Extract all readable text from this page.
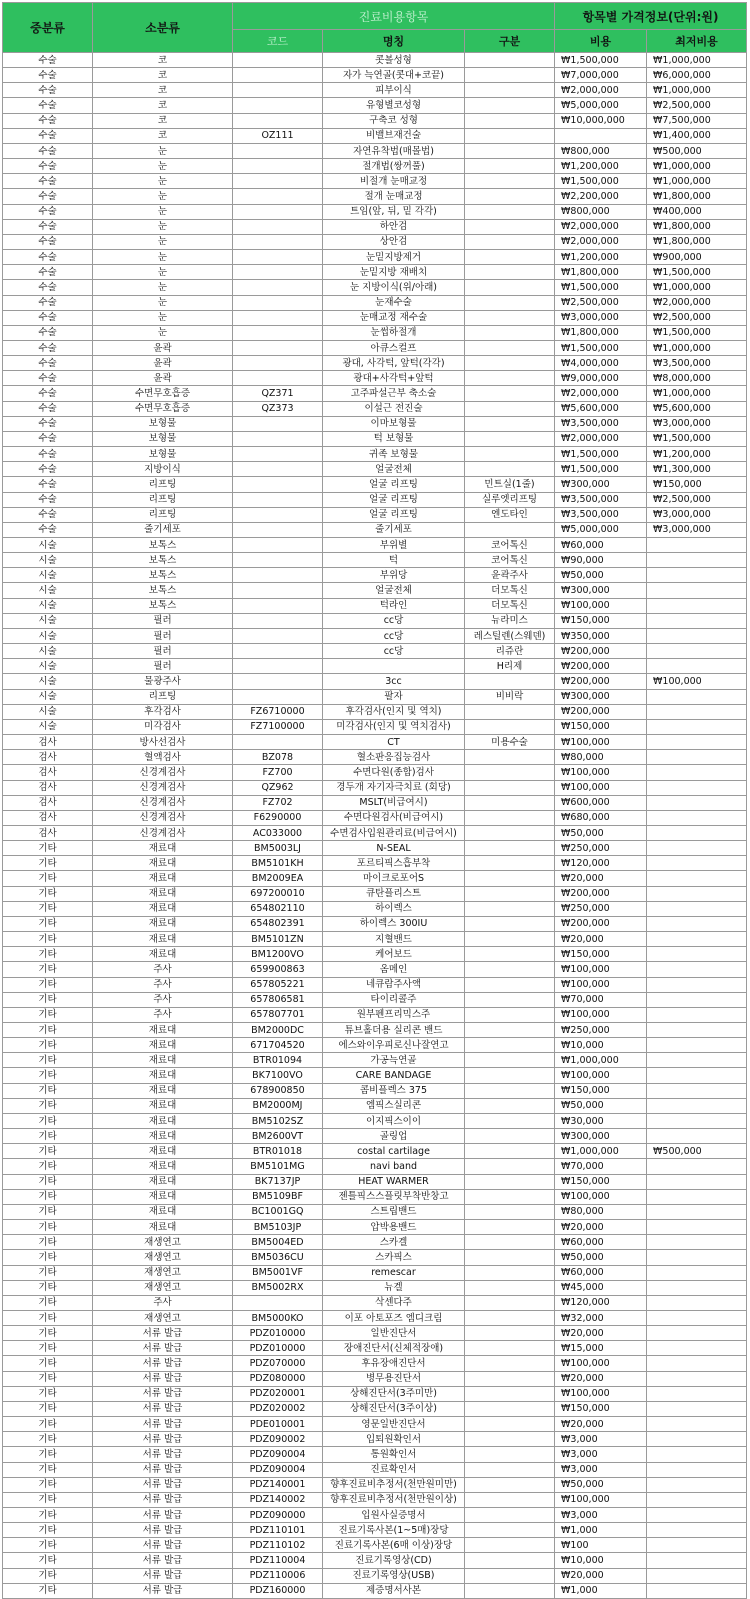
중분류	소분류	진료비용항목			항목별 가격정보(단위:원)	
		코드	명칭	구분	비용	최저비용
수술	코		콧볼성형		₩1,500,000	₩1,000,000
수술	코		자가 늑연골(콧대+코끝)		₩7,000,000	₩6,000,000
수술	코		피부이식		₩2,000,000	₩1,000,000
수술	코		유형별코성형		₩5,000,000	₩2,500,000
수술	코		구축코 성형		₩10,000,000	₩7,500,000
수술	코	OZ111	비밸브재건술			₩1,400,000
수술	눈		자연유착법(매몰법)		₩800,000	₩500,000
수술	눈		절개법(쌍꺼풀)		₩1,200,000	₩1,000,000
수술	눈		비절개 눈매교정		₩1,500,000	₩1,000,000
수술	눈		절개 눈매교정		₩2,200,000	₩1,800,000
수술	눈		트임(앞, 뒤, 밑 각각)		₩800,000	₩400,000
수술	눈		하안검		₩2,000,000	₩1,800,000
수술	눈		상안검		₩2,000,000	₩1,800,000
수술	눈		눈밑지방제거		₩1,200,000	₩900,000
수술	눈		눈밑지방 재배치		₩1,800,000	₩1,500,000
수술	눈		눈 지방이식(위/아래)		₩1,500,000	₩1,000,000
수술	눈		눈재수술		₩2,500,000	₩2,000,000
수술	눈		눈매교정 재수술		₩3,000,000	₩2,500,000
수술	눈		눈썹하절개		₩1,800,000	₩1,500,000
수술	윤곽		아큐스컬프		₩1,500,000	₩1,000,000
수술	윤곽		광대, 사각턱, 앞턱(각각)		₩4,000,000	₩3,500,000
수술	윤곽		광대+사각턱+앞턱		₩9,000,000	₩8,000,000
수술	수면무호흡증	QZ371	고주파설근부 축소술		₩2,000,000	₩1,000,000
수술	수면무호흡증	QZ373	이설근 전진술		₩5,600,000	₩5,600,000
수술	보형물		이마보형물		₩3,500,000	₩3,000,000
수술	보형물		턱 보형물		₩2,000,000	₩1,500,000
수술	보형물		귀족 보형물		₩1,500,000	₩1,200,000
수술	지방이식		얼굴전체		₩1,500,000	₩1,300,000
수술	리프팅		얼굴 리프팅	민트실(1줄)	₩300,000	₩150,000
수술	리프팅		얼굴 리프팅	실루엣리프팅	₩3,500,000	₩2,500,000
수술	리프팅		얼굴 리프팅	엔도타인	₩3,500,000	₩3,000,000
수술	줄기세포		줄기세포		₩5,000,000	₩3,000,000
시술	보톡스		부위별	코어톡신	₩60,000	
시술	보톡스		턱	코어톡신	₩90,000	
시술	보톡스		부위당	윤곽주사	₩50,000	
시술	보톡스		얼굴전체	더모톡신	₩300,000	
시술	보톡스		턱라인	더모톡신	₩100,000	
시술	필러		cc당	뉴라미스	₩150,000	
시술	필러		cc당	레스틸렌(스웨덴)	₩350,000	
시술	필러		cc당	리쥬란	₩200,000	
시술	필러			H리제	₩200,000	
시술	물광주사		3cc		₩200,000	₩100,000
시술	리프팅		팔자	비비락	₩300,000	
시술	후각검사	FZ6710000	후각검사(인지 및 역치)		₩200,000	
시술	미각검사	FZ7100000	미각검사(인지 및 역치검사)		₩150,000	
검사	방사선검사		CT	미용수술	₩100,000	
검사	혈액검사	BZ078	혈소판응집능검사		₩80,000	
검사	신경계검사	FZ700	수면다원(종합)검사		₩100,000	
검사	신경계검사	QZ962	경두개 자기자극치료 (회당)		₩100,000	
검사	신경계검사	FZ702	MSLT(비급여시)		₩600,000	
검사	신경계검사	F6290000	수면다원검사(비급여시)		₩680,000	
검사	신경계검사	AC033000	수면검사입원관리료(비급여시)		₩50,000	
기타	재료대	BM5003LJ	N-SEAL		₩250,000	
기타	재료대	BM5101KH	포르티픽스흡부착		₩120,000	
기타	재료대	BM2009EA	마이크로포어S		₩20,000	
기타	재료대	697200010	큐탄플리스트		₩200,000	
기타	재료대	654802110	하이렉스		₩250,000	
기타	재료대	654802391	하이렉스 300IU		₩200,000	
기타	재료대	BM5101ZN	지혈밴드		₩20,000	
기타	재료대	BM1200VO	케어보드		₩150,000	
기타	주사	659900863	옴메인		₩100,000	
기타	주사	657805221	네큐람주사액		₩100,000	
기타	주사	657806581	타이리콜주		₩70,000	
기타	주사	657807701	원부펜프리믹스주		₩100,000	
기타	재료대	BM2000DC	튜브홀더용 실리콘 밴드		₩250,000	
기타	재료대	671704520	에스와이우피로신나잘연고		₩10,000	
기타	재료대	BTR01094	가공늑연골		₩1,000,000	
기타	재료대	BK7100VO	CARE BANDAGE		₩100,000	
기타	재료대	678900850	콤비플렉스 375		₩150,000	
기타	재료대	BM2000MJ	엠픽스실리콘		₩50,000	
기타	재료대	BM5102SZ	이지픽스이이		₩30,000	
기타	재료대	BM2600VT	골링업		₩300,000	
기타	재료대	BTR01018	costal cartilage		₩1,000,000	₩500,000
기타	재료대	BM5101MG	navi band		₩70,000	
기타	재료대	BK7137JP	HEAT WARMER		₩150,000	
기타	재료대	BM5109BF	젠틀픽스스플릿부착반창고		₩100,000	
기타	재료대	BC1001GQ	스트립밴드		₩80,000	
기타	재료대	BM5103JP	압박용밴드		₩20,000	
기타	재생연고	BM5004ED	스카겔		₩60,000	
기타	재생연고	BM5036CU	스카픽스		₩50,000	
기타	재생연고	BM5001VF	remescar		₩60,000	
기타	재생연고	BM5002RX	뉴겔		₩45,000	
기타	주사		삭센다주		₩120,000	
기타	재생연고	BM5000KO	이포 아토포즈 엠디크림		₩32,000	
기타	서류 발급	PDZ010000	일반진단서		₩20,000	
기타	서류 발급	PDZ010000	장애진단서(신체적장애)		₩15,000	
기타	서류 발급	PDZ070000	후유장애진단서		₩100,000	
기타	서류 발급	PDZ080000	병무용진단서		₩20,000	
기타	서류 발급	PDZ020001	상해진단서(3주미만)		₩100,000	
기타	서류 발급	PDZ020002	상해진단서(3주이상)		₩150,000	
기타	서류 발급	PDE010001	영문일반진단서		₩20,000	
기타	서류 발급	PDZ090002	입퇴원확인서		₩3,000	
기타	서류 발급	PDZ090004	통원확인서		₩3,000	
기타	서류 발급	PDZ090004	진료확인서		₩3,000	
기타	서류 발급	PDZ140001	향후진료비추정서(천만원미만)		₩50,000	
기타	서류 발급	PDZ140002	향후진료비추정서(천만원이상)		₩100,000	
기타	서류 발급	PDZ090000	입원사실증명서		₩3,000	
기타	서류 발급	PDZ110101	진료기록사본(1~5매)장당		₩1,000	
기타	서류 발급	PDZ110102	진료기록사본(6매 이상)장당		₩100	
기타	서류 발급	PDZ110004	진료기록영상(CD)		₩10,000	
기타	서류 발급	PDZ110006	진료기록영상(USB)		₩20,000	
기타	서류 발급	PDZ160000	제증명서사본		₩1,000	
